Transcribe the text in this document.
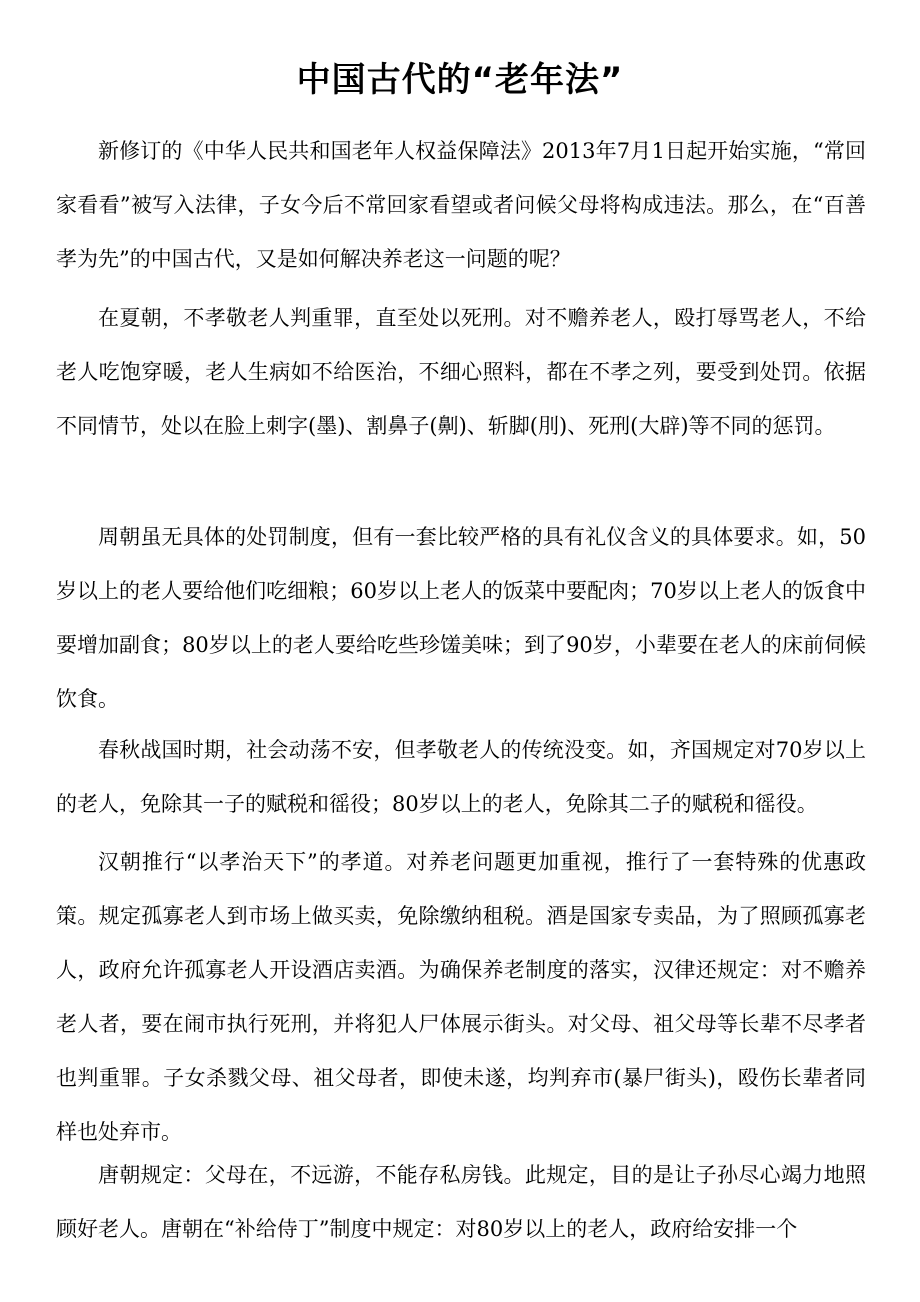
中国古代的“老年法”

新修订的《中华人民共和国老年人权益保障法》2013年7月1日起开始实施，“常回家看看”被写入法律，子女今后不常回家看望或者问候父母将构成违法。那么，在“百善孝为先”的中国古代，又是如何解决养老这一问题的呢？

在夏朝，不孝敬老人判重罪，直至处以死刑。对不赡养老人，殴打辱骂老人，不给老人吃饱穿暖，老人生病如不给医治，不细心照料，都在不孝之列，要受到处罚。依据不同情节，处以在脸上刺字(墨)、割鼻子(劓)、斩脚(刖)、死刑(大辟)等不同的惩罚。

周朝虽无具体的处罚制度，但有一套比较严格的具有礼仪含义的具体要求。如，50岁以上的老人要给他们吃细粮；60岁以上老人的饭菜中要配肉；70岁以上老人的饭食中要增加副食；80岁以上的老人要给吃些珍馐美味；到了90岁，小辈要在老人的床前伺候饮食。

春秋战国时期，社会动荡不安，但孝敬老人的传统没变。如，齐国规定对70岁以上的老人，免除其一子的赋税和徭役；80岁以上的老人，免除其二子的赋税和徭役。

汉朝推行“以孝治天下”的孝道。对养老问题更加重视，推行了一套特殊的优惠政策。规定孤寡老人到市场上做买卖，免除缴纳租税。酒是国家专卖品，为了照顾孤寡老人，政府允许孤寡老人开设酒店卖酒。为确保养老制度的落实，汉律还规定：对不赡养老人者，要在闹市执行死刑，并将犯人尸体展示街头。对父母、祖父母等长辈不尽孝者也判重罪。子女杀戮父母、祖父母者，即使未遂，均判弃市(暴尸街头)，殴伤长辈者同样也处弃市。

唐朝规定：父母在，不远游，不能存私房钱。此规定，目的是让子孙尽心竭力地照顾好老人。唐朝在“补给侍丁”制度中规定：对80岁以上的老人，政府给安排一个
